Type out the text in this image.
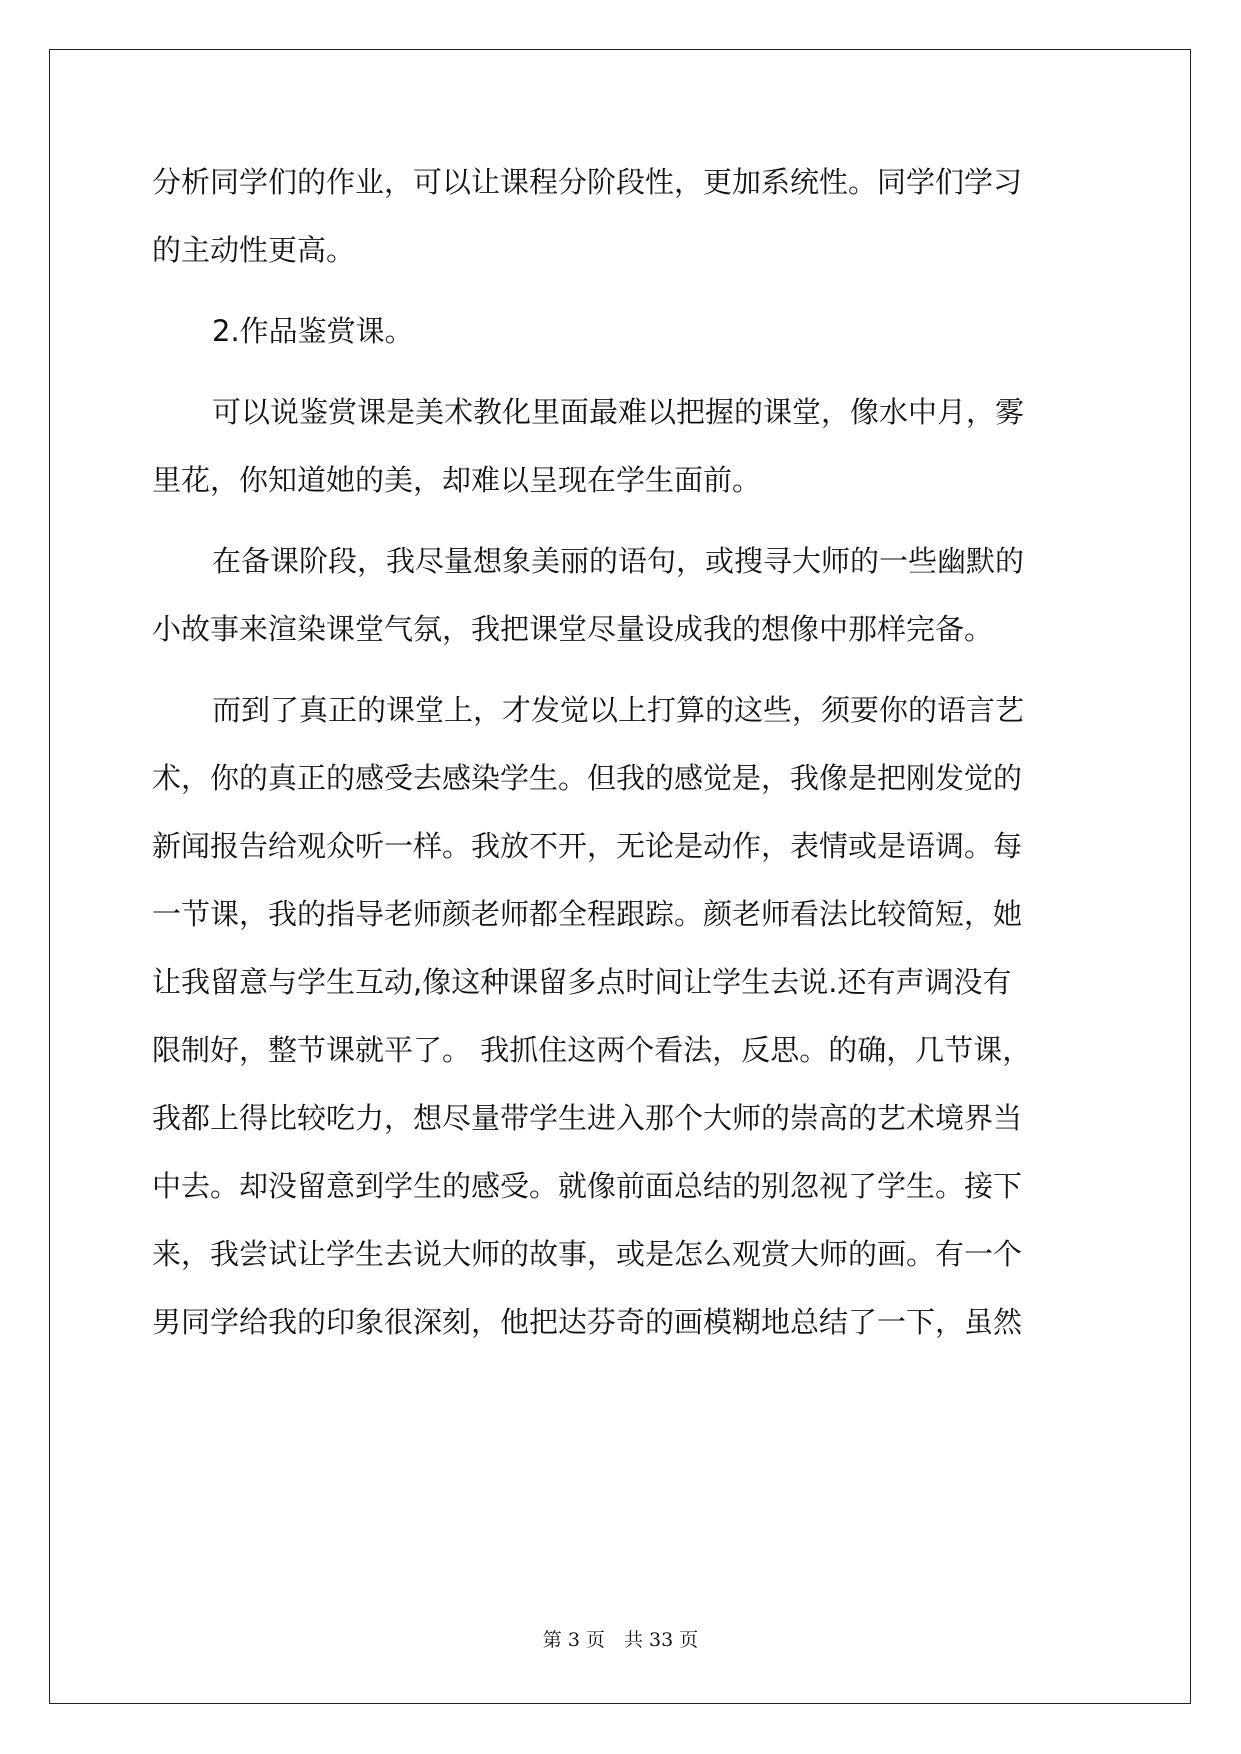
分析同学们的作业，可以让课程分阶段性，更加系统性。同学们学习
的主动性更高。
2.作品鉴赏课。
可以说鉴赏课是美术教化里面最难以把握的课堂，像水中月，雾
里花，你知道她的美，却难以呈现在学生面前。
在备课阶段，我尽量想象美丽的语句，或搜寻大师的一些幽默的
小故事来渲染课堂气氛，我把课堂尽量设成我的想像中那样完备。
而到了真正的课堂上，才发觉以上打算的这些，须要你的语言艺
术，你的真正的感受去感染学生。但我的感觉是，我像是把刚发觉的
新闻报告给观众听一样。我放不开，无论是动作，表情或是语调。每
一节课，我的指导老师颜老师都全程跟踪。颜老师看法比较简短，她
让我留意与学生互动,像这种课留多点时间让学生去说.还有声调没有
限制好，整节课就平了。 我抓住这两个看法，反思。的确，几节课，
我都上得比较吃力，想尽量带学生进入那个大师的崇高的艺术境界当
中去。却没留意到学生的感受。就像前面总结的别忽视了学生。接下
来，我尝试让学生去说大师的故事，或是怎么观赏大师的画。有一个
男同学给我的印象很深刻，他把达芬奇的画模糊地总结了一下，虽然
第 3 页　共 33 页
